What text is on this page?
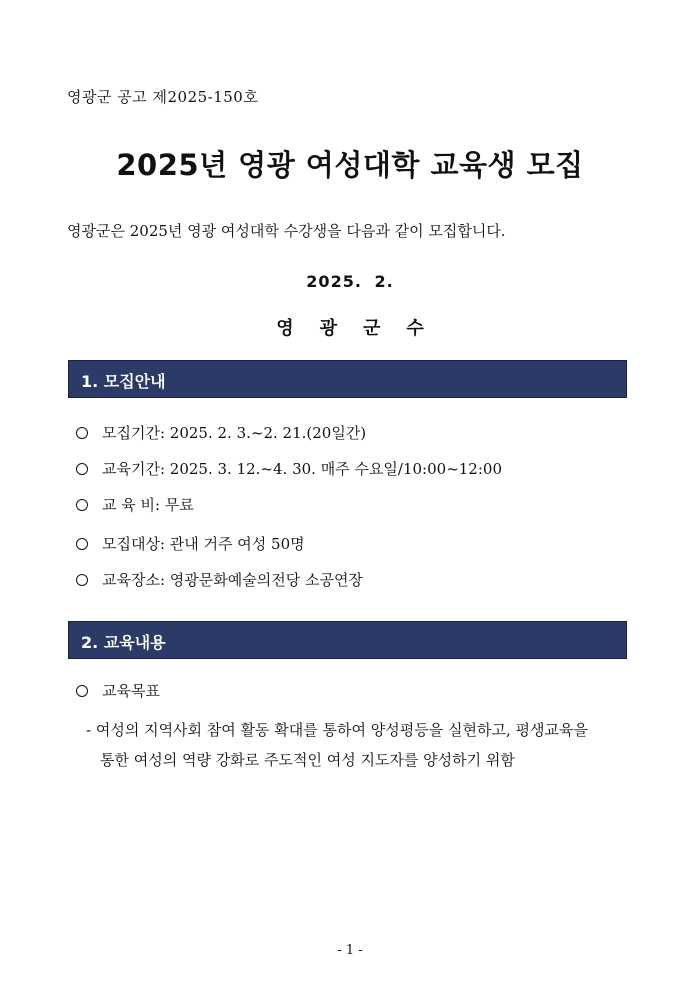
영광군 공고 제2025-150호
2025년 영광 여성대학 교육생 모집
영광군은 2025년 영광 여성대학 수강생을 다음과 같이 모집합니다.
2025. 2.
영광군수
1. 모집안내
모집기간: 2025. 2. 3.~2. 21.(20일간)
교육기간: 2025. 3. 12.~4. 30. 매주 수요일/10:00~12:00
교 육 비: 무료
모집대상: 관내 거주 여성 50명
교육장소: 영광문화예술의전당 소공연장
2. 교육내용
교육목표
- 여성의 지역사회 참여 활동 확대를 통하여 양성평등을 실현하고, 평생교육을
통한 여성의 역량 강화로 주도적인 여성 지도자를 양성하기 위함
- 1 -
